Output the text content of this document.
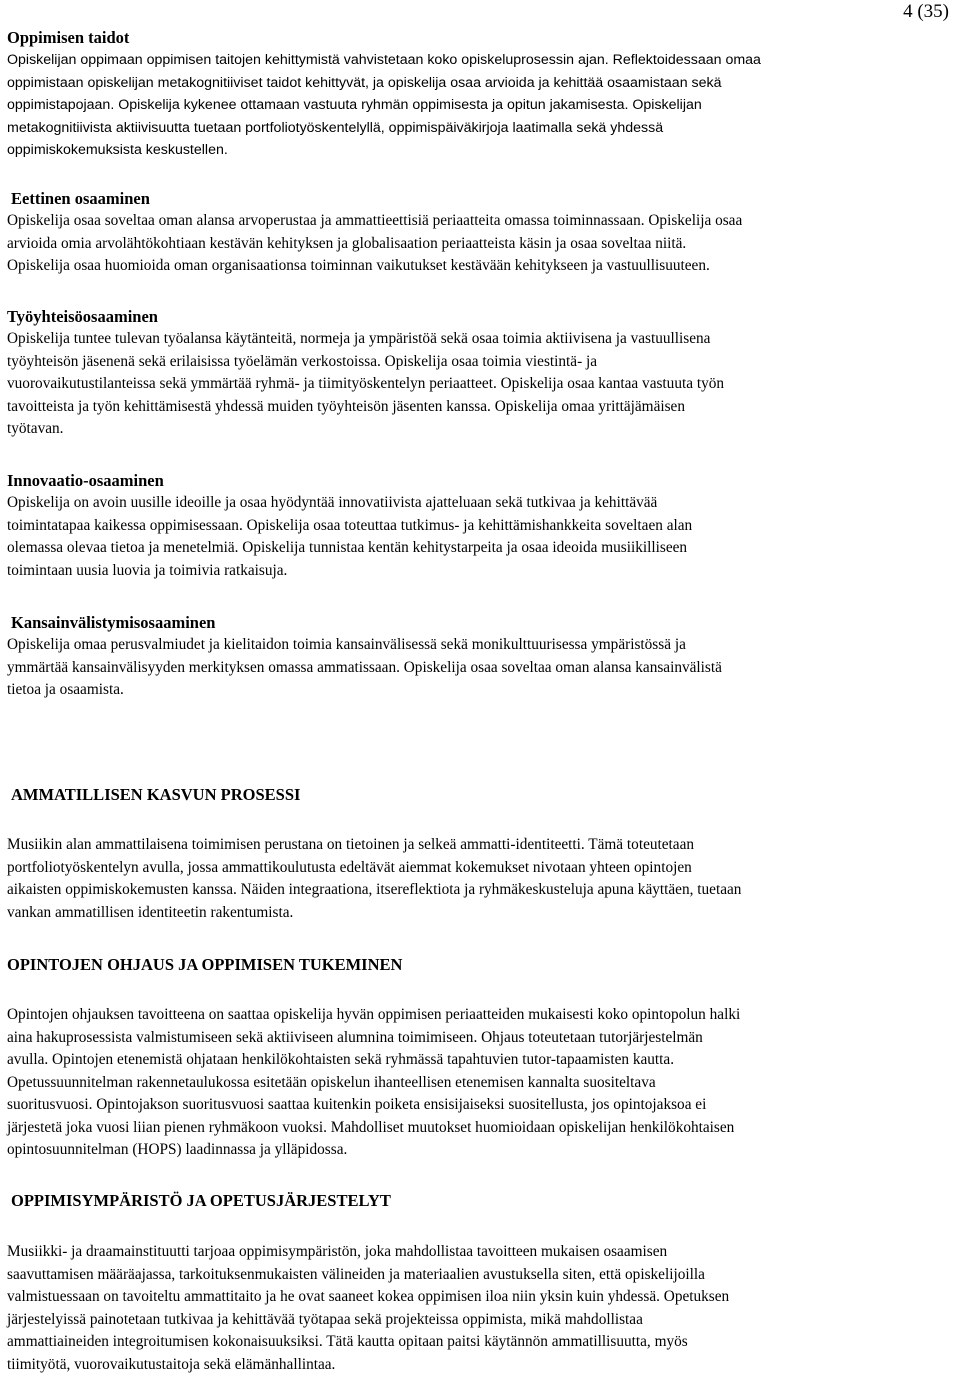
4 (35)
Oppimisen taidot
Opiskelijan oppimaan oppimisen taitojen kehittymistä vahvistetaan koko opiskeluprosessin ajan. Reflektoidessaan omaa
oppimistaan opiskelijan metakognitiiviset taidot kehittyvät, ja opiskelija osaa arvioida ja kehittää osaamistaan sekä
oppimistapojaan. Opiskelija kykenee ottamaan vastuuta ryhmän oppimisesta ja opitun jakamisesta. Opiskelijan
metakognitiivista aktiivisuutta tuetaan portfoliotyöskentelyllä, oppimispäiväkirjoja laatimalla sekä yhdessä
oppimiskokemuksista keskustellen.
Eettinen osaaminen
Opiskelija osaa soveltaa oman alansa arvoperustaa ja ammattieettisiä periaatteita omassa toiminnassaan. Opiskelija osaa
arvioida omia arvolähtökohtiaan kestävän kehityksen ja globalisaation periaatteista käsin ja osaa soveltaa niitä.
Opiskelija osaa huomioida oman organisaationsa toiminnan vaikutukset kestävään kehitykseen ja vastuullisuuteen.
Työyhteisöosaaminen
Opiskelija tuntee tulevan työalansa käytänteitä, normeja ja ympäristöä sekä osaa toimia aktiivisena ja vastuullisena
työyhteisön jäsenenä sekä erilaisissa työelämän verkostoissa. Opiskelija osaa toimia viestintä- ja
vuorovaikutustilanteissa sekä ymmärtää ryhmä- ja tiimityöskentelyn periaatteet. Opiskelija osaa kantaa vastuuta työn
tavoitteista ja työn kehittämisestä yhdessä muiden työyhteisön jäsenten kanssa. Opiskelija omaa yrittäjämäisen
työtavan.
Innovaatio-osaaminen
Opiskelija on avoin uusille ideoille ja osaa hyödyntää innovatiivista ajatteluaan sekä tutkivaa ja kehittävää
toimintatapaa kaikessa oppimisessaan. Opiskelija osaa toteuttaa tutkimus- ja kehittämishankkeita soveltaen alan
olemassa olevaa tietoa ja menetelmiä. Opiskelija tunnistaa kentän kehitystarpeita ja osaa ideoida musiikilliseen
toimintaan uusia luovia ja toimivia ratkaisuja.
Kansainvälistymisosaaminen
Opiskelija omaa perusvalmiudet ja kielitaidon toimia kansainvälisessä sekä monikulttuurisessa ympäristössä ja
ymmärtää kansainvälisyyden merkityksen omassa ammatissaan. Opiskelija osaa soveltaa oman alansa kansainvälistä
tietoa ja osaamista.
AMMATILLISEN KASVUN PROSESSI
Musiikin alan ammattilaisena toimimisen perustana on tietoinen ja selkeä ammatti-identiteetti. Tämä toteutetaan
portfoliotyöskentelyn avulla, jossa ammattikoulutusta edeltävät aiemmat kokemukset nivotaan yhteen opintojen
aikaisten oppimiskokemusten kanssa. Näiden integraationa, itsereflektiota ja ryhmäkeskusteluja apuna käyttäen, tuetaan
vankan ammatillisen identiteetin rakentumista.
OPINTOJEN OHJAUS JA OPPIMISEN TUKEMINEN
Opintojen ohjauksen tavoitteena on saattaa opiskelija hyvän oppimisen periaatteiden mukaisesti koko opintopolun halki
aina hakuprosessista valmistumiseen sekä aktiiviseen alumnina toimimiseen. Ohjaus toteutetaan tutorjärjestelmän
avulla. Opintojen etenemistä ohjataan henkilökohtaisten sekä ryhmässä tapahtuvien tutor-tapaamisten kautta.
Opetussuunnitelman rakennetaulukossa esitetään opiskelun ihanteellisen etenemisen kannalta suositeltava
suoritusvuosi. Opintojakson suoritusvuosi saattaa kuitenkin poiketa ensisijaiseksi suositellusta, jos opintojaksoa ei
järjestetä joka vuosi liian pienen ryhmäkoon vuoksi. Mahdolliset muutokset huomioidaan opiskelijan henkilökohtaisen
opintosuunnitelman (HOPS) laadinnassa ja ylläpidossa.
OPPIMISYMPÄRISTÖ JA OPETUSJÄRJESTELYT
Musiikki- ja draamainstituutti tarjoaa oppimisympäristön, joka mahdollistaa tavoitteen mukaisen osaamisen
saavuttamisen määräajassa, tarkoituksenmukaisten välineiden ja materiaalien avustuksella siten, että opiskelijoilla
valmistuessaan on tavoiteltu ammattitaito ja he ovat saaneet kokea oppimisen iloa niin yksin kuin yhdessä. Opetuksen
järjestelyissä painotetaan tutkivaa ja kehittävää työtapaa sekä projekteissa oppimista, mikä mahdollistaa
ammattiaineiden integroitumisen kokonaisuuksiksi. Tätä kautta opitaan paitsi käytännön ammatillisuutta, myös
tiimityötä, vuorovaikutustaitoja sekä elämänhallintaa.
